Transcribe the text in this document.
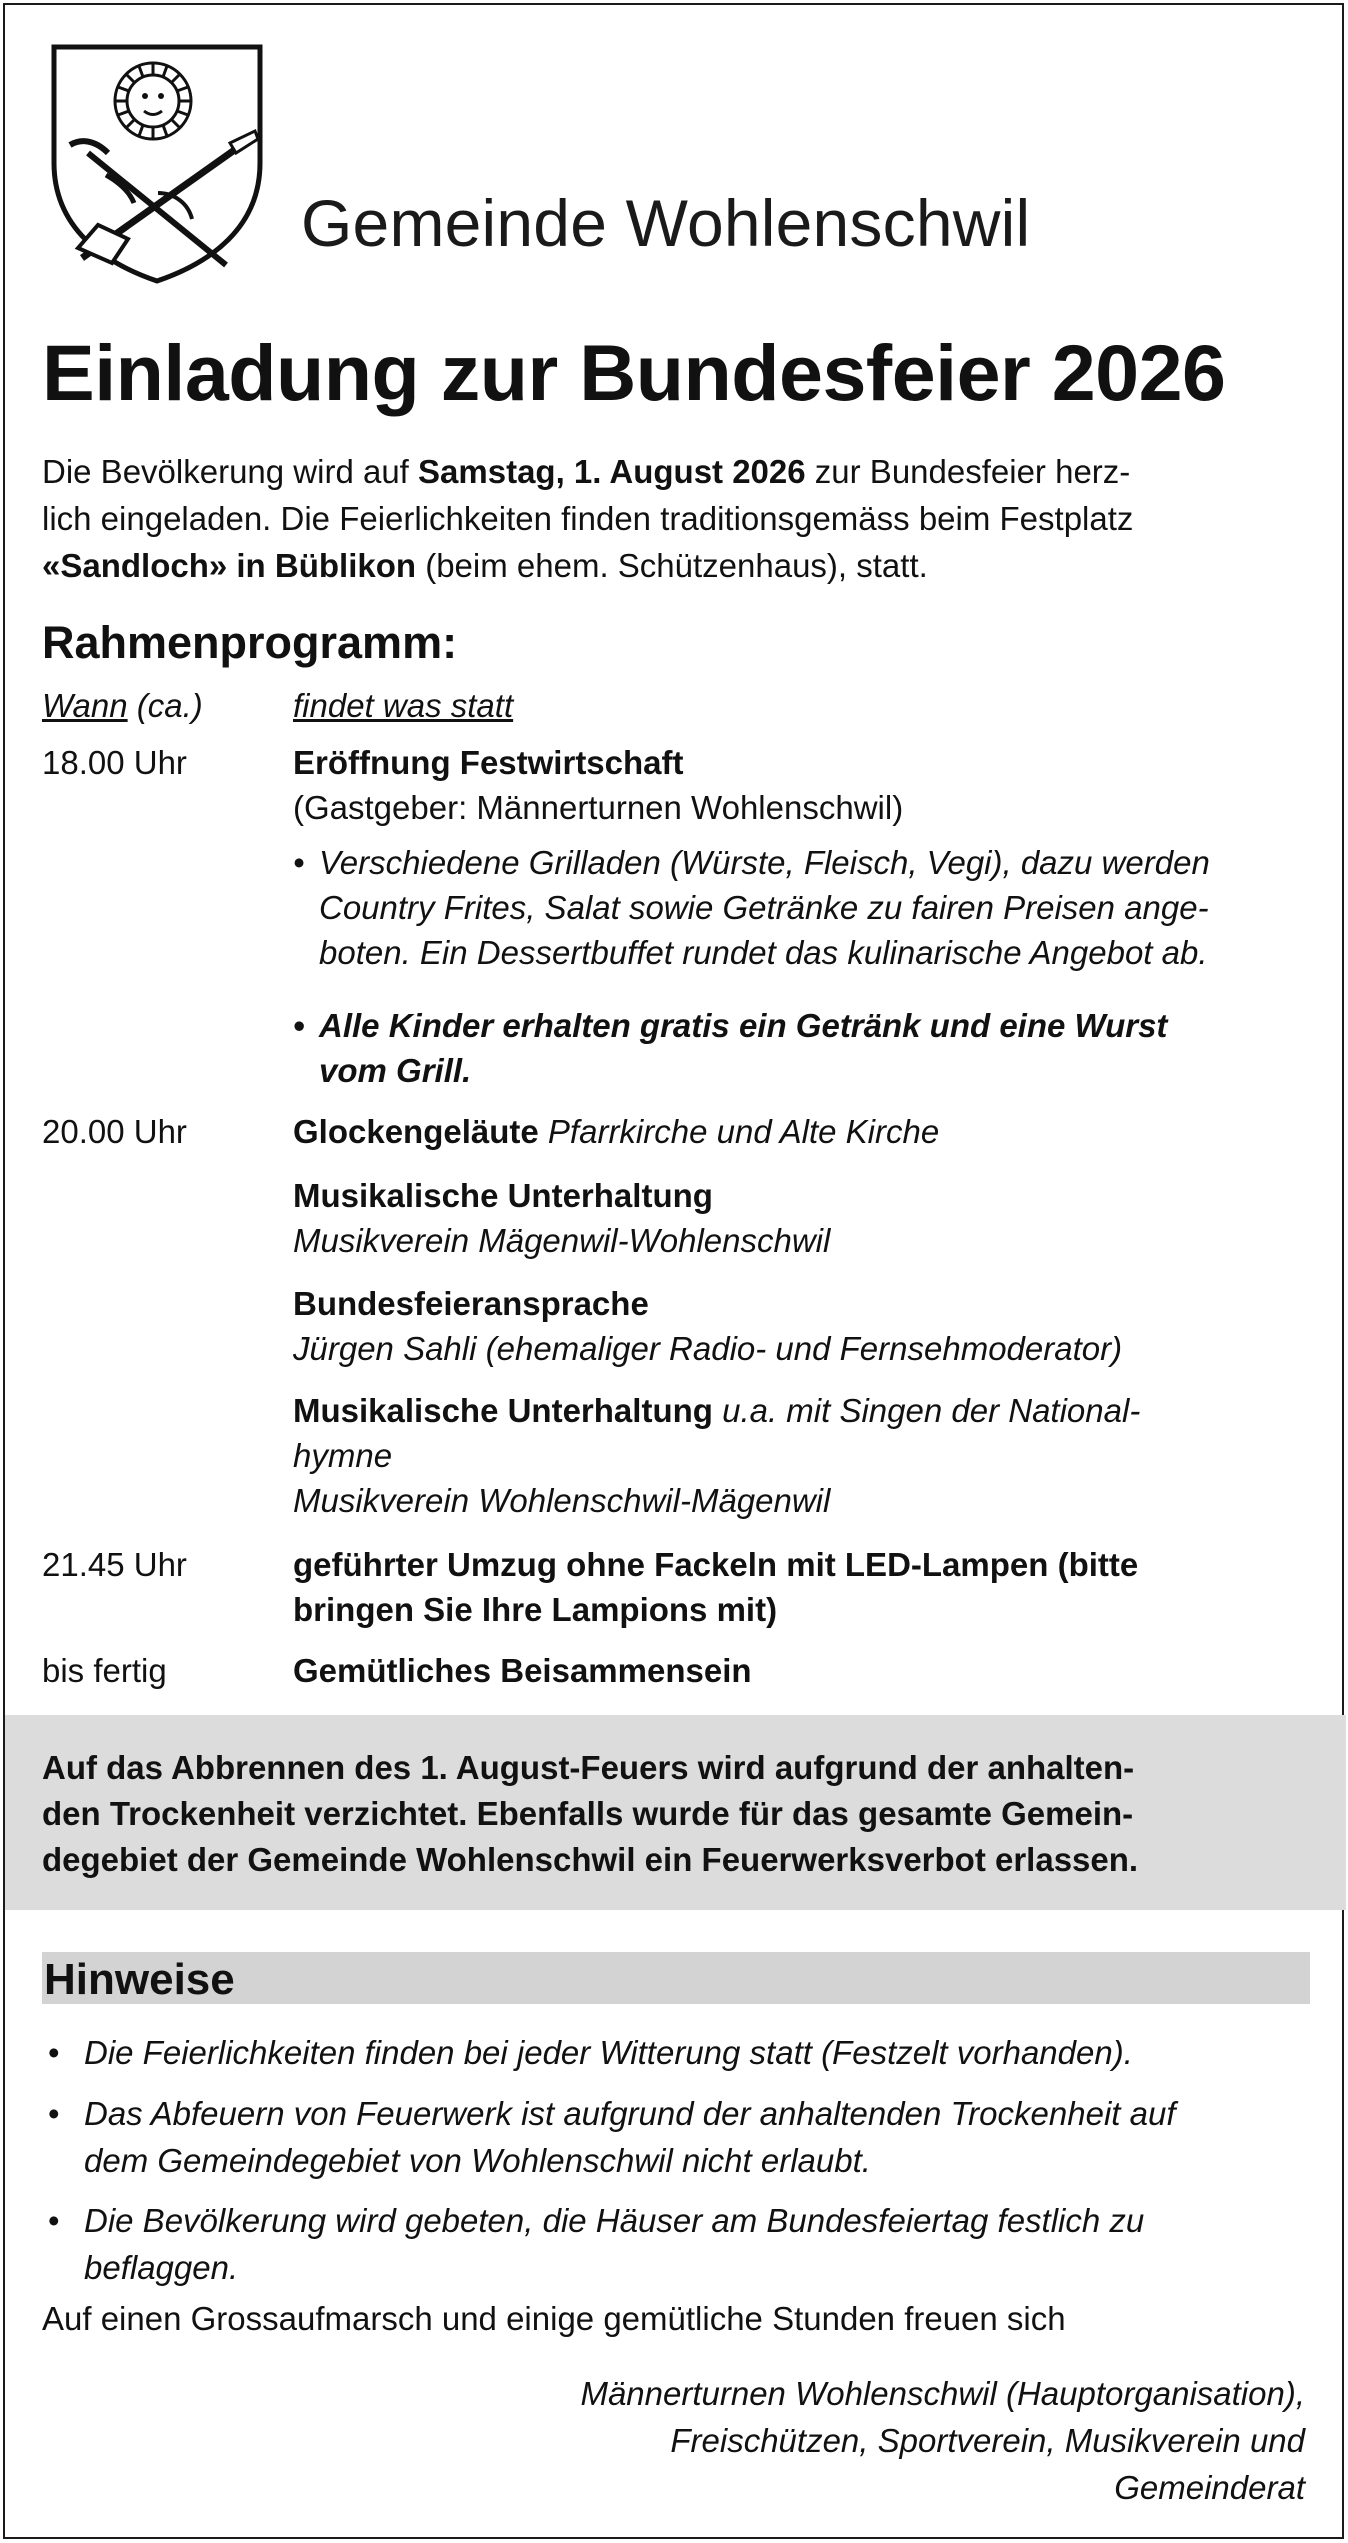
Gemeinde Wohlenschwil
Einladung zur Bundesfeier 2026
Die Bevölkerung wird auf Samstag, 1. August 2026 zur Bundesfeier herz-
lich eingeladen. Die Feierlichkeiten finden traditionsgemäss beim Festplatz
«Sandloch» in Büblikon (beim ehem. Schützenhaus), statt.
Rahmenprogramm:
Wann (ca.)	findet was statt
18.00 Uhr	Eröffnung Festwirtschaft
(Gastgeber: Männerturnen Wohlenschwil)
• Verschiedene Grilladen (Würste, Fleisch, Vegi), dazu werden
Country Frites, Salat sowie Getränke zu fairen Preisen ange-
boten. Ein Dessertbuffet rundet das kulinarische Angebot ab.
• Alle Kinder erhalten gratis ein Getränk und eine Wurst
vom Grill.
20.00 Uhr	Glockengeläute Pfarrkirche und Alte Kirche
Musikalische Unterhaltung
Musikverein Mägenwil-Wohlenschwil
Bundesfeieransprache
Jürgen Sahli (ehemaliger Radio- und Fernsehmoderator)
Musikalische Unterhaltung u.a. mit Singen der National-
hymne
Musikverein Wohlenschwil-Mägenwil
21.45 Uhr	geführter Umzug ohne Fackeln mit LED-Lampen (bitte
bringen Sie Ihre Lampions mit)
bis fertig	Gemütliches Beisammensein
Auf das Abbrennen des 1. August-Feuers wird aufgrund der anhalten-
den Trockenheit verzichtet. Ebenfalls wurde für das gesamte Gemein-
degebiet der Gemeinde Wohlenschwil ein Feuerwerksverbot erlassen.
Hinweise
• Die Feierlichkeiten finden bei jeder Witterung statt (Festzelt vorhanden).
• Das Abfeuern von Feuerwerk ist aufgrund der anhaltenden Trockenheit auf
dem Gemeindegebiet von Wohlenschwil nicht erlaubt.
• Die Bevölkerung wird gebeten, die Häuser am Bundesfeiertag festlich zu
beflaggen.
Auf einen Grossaufmarsch und einige gemütliche Stunden freuen sich
Männerturnen Wohlenschwil (Hauptorganisation),
Freischützen, Sportverein, Musikverein und
Gemeinderat
